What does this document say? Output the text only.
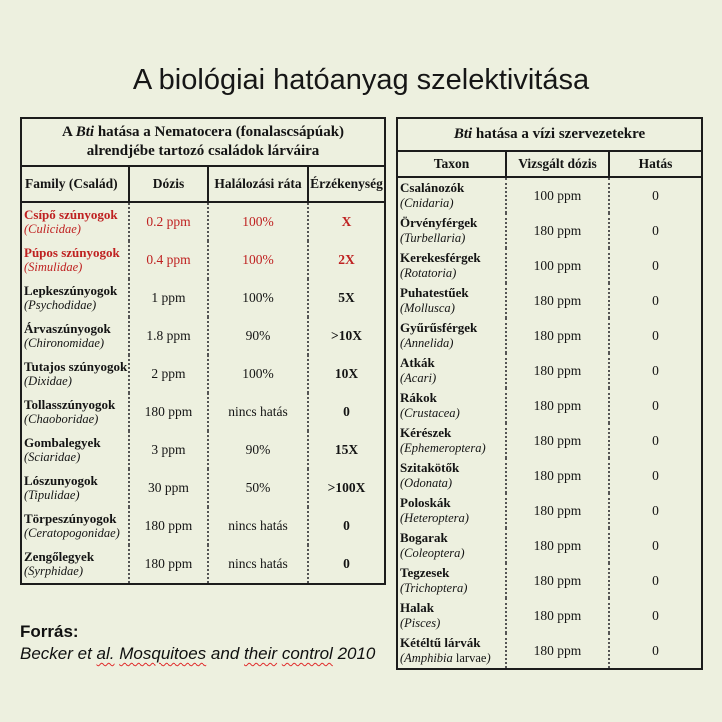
A biológiai hatóanyag szelektivitása
A Bti hatása a Nematocera (fonalascsápúak)
alrendjébe tartozó családok lárváira
Family (Család)	Dózis	Halálozási ráta Érzékenység
Csípő szúnyogok
(Culicidae)
0.2 ppm	100%	X
Púpos szúnyogok
(Simulidae)
0.4 ppm	100%	2X
Lepkeszúnyogok
(Psychodidae)
1 ppm	100%	5X
Árvaszúnyogok
(Chironomidae)
1.8 ppm	90%	>10X
Tutajos szúnyogok
(Dixidae)
2 ppm	100%	10X
Tollasszúnyogok
(Chaoboridae)
180 ppm	nincs hatás	0
Gombalegyek
(Sciaridae)
3 ppm	90%	15X
Lószunyogok
(Tipulidae)
30 ppm	50%	>100X
Törpeszúnyogok
(Ceratopogonidae)
180 ppm	nincs hatás	0
Zengőlegyek
(Syrphidae)
180 ppm	nincs hatás	0
Bti hatása a vízi szervezetekre
Taxon	Vizsgált dózis	Hatás
Csalánozók
(Cnidaria)
100 ppm	0
Örvényférgek
(Turbellaria)
180 ppm	0
Kerekesférgek
(Rotatoria)
100 ppm	0
Puhatestűek
(Mollusca)
180 ppm	0
Gyűrűsférgek
(Annelida)
180 ppm	0
Atkák
(Acari)
180 ppm	0
Rákok
(Crustacea)
180 ppm	0
Kérészek
(Ephemeroptera)
180 ppm	0
Szitakötők
(Odonata)
180 ppm	0
Poloskák
(Heteroptera)
180 ppm	0
Bogarak
(Coleoptera)
180 ppm	0
Tegzesek
(Trichoptera)
180 ppm	0
Halak
(Pisces)
180 ppm	0
Kétéltű lárvák
(Amphibia larvae)
180 ppm	0
Forrás:
Becker et al. Mosquitoes and their control 2010
